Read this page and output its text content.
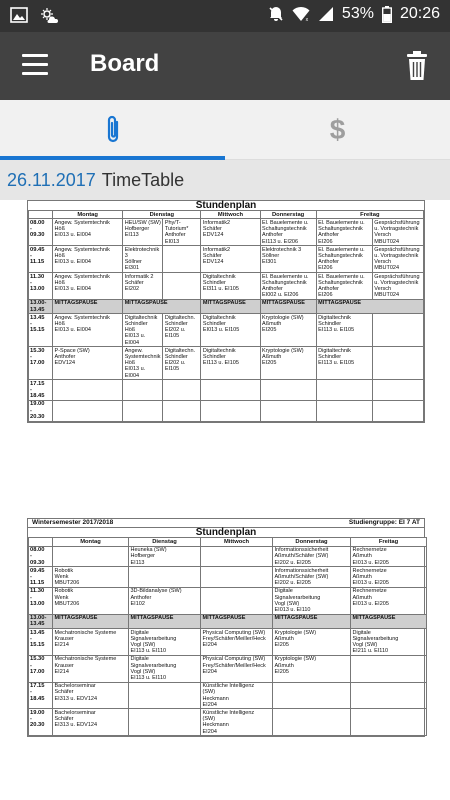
x 53% 20:26
Board
$
26.11.2017 TimeTable
Stundenplan
	Montag	Dienstag		Mittwoch	Donnerstag	Freitag	
08.00
-
09.30	Angew. Systemtechnik
Höß
EI013 u. EI004	HEU/SW (SW)
Hofberger
EI113	Phy/T-Tutorium*
Anthofer
EI013	Informatik2
Schäfer
EDV124	El. Bauelemente u.
Schaltungstechnik
Anthofer
EI113 u. EI206	El. Bauelemente u.
Schaltungstechnik
Anthofer
EI206	Gesprächsführung
u. Vortragstechnik
Versch
MBUT024
09.45
-
11.15	Angew. Systemtechnik
Höß
EI013 u. EI004	Elektrotechnik 3
Söllner
EI301		Informatik2
Schäfer
EDV124	Elektrotechnik 3
Söllner
EI301	El. Bauelemente u.
Schaltungstechnik
Anthofer
EI206	Gesprächsführung
u. Vortragstechnik
Versch
MBUT024
11.30
-
13.00	Angew. Systemtechnik
Höß
EI013 u. EI004	Informatik 2
Schäfer
EI202		Digitaltechnik
Schindler
EI311 u. EI105	El. Bauelemente u.
Schaltungstechnik
Anthofer
EI002 u. EI206	El. Bauelemente u.
Schaltungstechnik
Anthofer
EI206	Gesprächsführung
u. Vortragstechnik
Versch
MBUT024
13.00-
13.45	MITTAGSPAUSE	MITTAGSPAUSE		MITTAGSPAUSE	MITTAGSPAUSE	MITTAGSPAUSE	
13.45
-
15.15	Angew. Systemtechnik
Höß
EI013 u. EI004	Digitaltechnik
Schindler
Höß
EI013 u. EI004	Digitaltechn.
Schindler
EI202 u.
EI105	Digitaltechnik
Schindler
EI013 u. EI105	Kryptologie (SW)
Aßmuth
EI205	Digitaltechnik
Schindler
EI113 u. EI105	
15.30
-
17.00	P-Space (SW)
Anthofer
EDV124	Angew.
Systemtechnik
Höß
EI013 u. EI004	Digitaltechn.
Schindler
EI202 u.
EI105	Digitaltechnik
Schindler
EI113 u. EI105	Kryptologie (SW)
Aßmuth
EI205	Digitaltechnik
Schindler
EI113 u. EI105	
17.15
-
18.45							
19.00
-
20.30							
Wintersemester 2017/2018	Studiengruppe: EI 7 AT
Stundenplan
	Montag	Dienstag	Mittwoch	Donnerstag	Freitag
08.00
-
09.30		Heuneka (SW)
Hofberger
EI113		Informationssicherheit
Aßmuth/Schäfer (SW)
EI202 u. EI205	Rechnernetze
Aßmuth
EI013 u. EI205
09.45
-
11.15	Robotik
Wenk
MBUT206			Informationssicherheit
Aßmuth/Schäfer (SW)
EI202 u. EI205	Rechnernetze
Aßmuth
EI013 u. EI205
11.30
-
13.00	Robotik
Wenk
MBUT206	3D-Bildanalyse (SW)
Anthofer
EI102		Digitale
Signalverarbeitung
Vogl (SW)
EI013 u. EI110	Rechnernetze
Aßmuth
EI013 u. EI205
13.00-
13.45	MITTAGSPAUSE	MITTAGSPAUSE	MITTAGSPAUSE	MITTAGSPAUSE	MITTAGSPAUSE
13.45
-
15.15	Mechatronische Systeme
Krauser
EI214	Digitale
Signalverarbeitung
Vogl (SW)
EI113 u. EI110	Physical Computing (SW)
Frey/Schäfer/Meiller/Heck
EI204	Kryptologie (SW)
Aßmuth
EI205	Digitale
Signalverarbeitung
Vogl (SW)
EI211 u. EI110
15.30
-
17.00	Mechatronische Systeme
Krauser
EI214	Digitale
Signalverarbeitung
Vogl (SW)
EI113 u. EI110	Physical Computing (SW)
Frey/Schäfer/Meiller/Heck
EI204	Kryptologie (SW)
Aßmuth
EI205	
17.15
-
18.45	Bachelorseminar
Schäfer
EI313 u. EDV124		Künstliche Intelligenz
(SW)
Heckmann
EI204		
19.00
-
20.30	Bachelorseminar
Schäfer
EI313 u. EDV124		Künstliche Intelligenz
(SW)
Heckmann
EI204		
